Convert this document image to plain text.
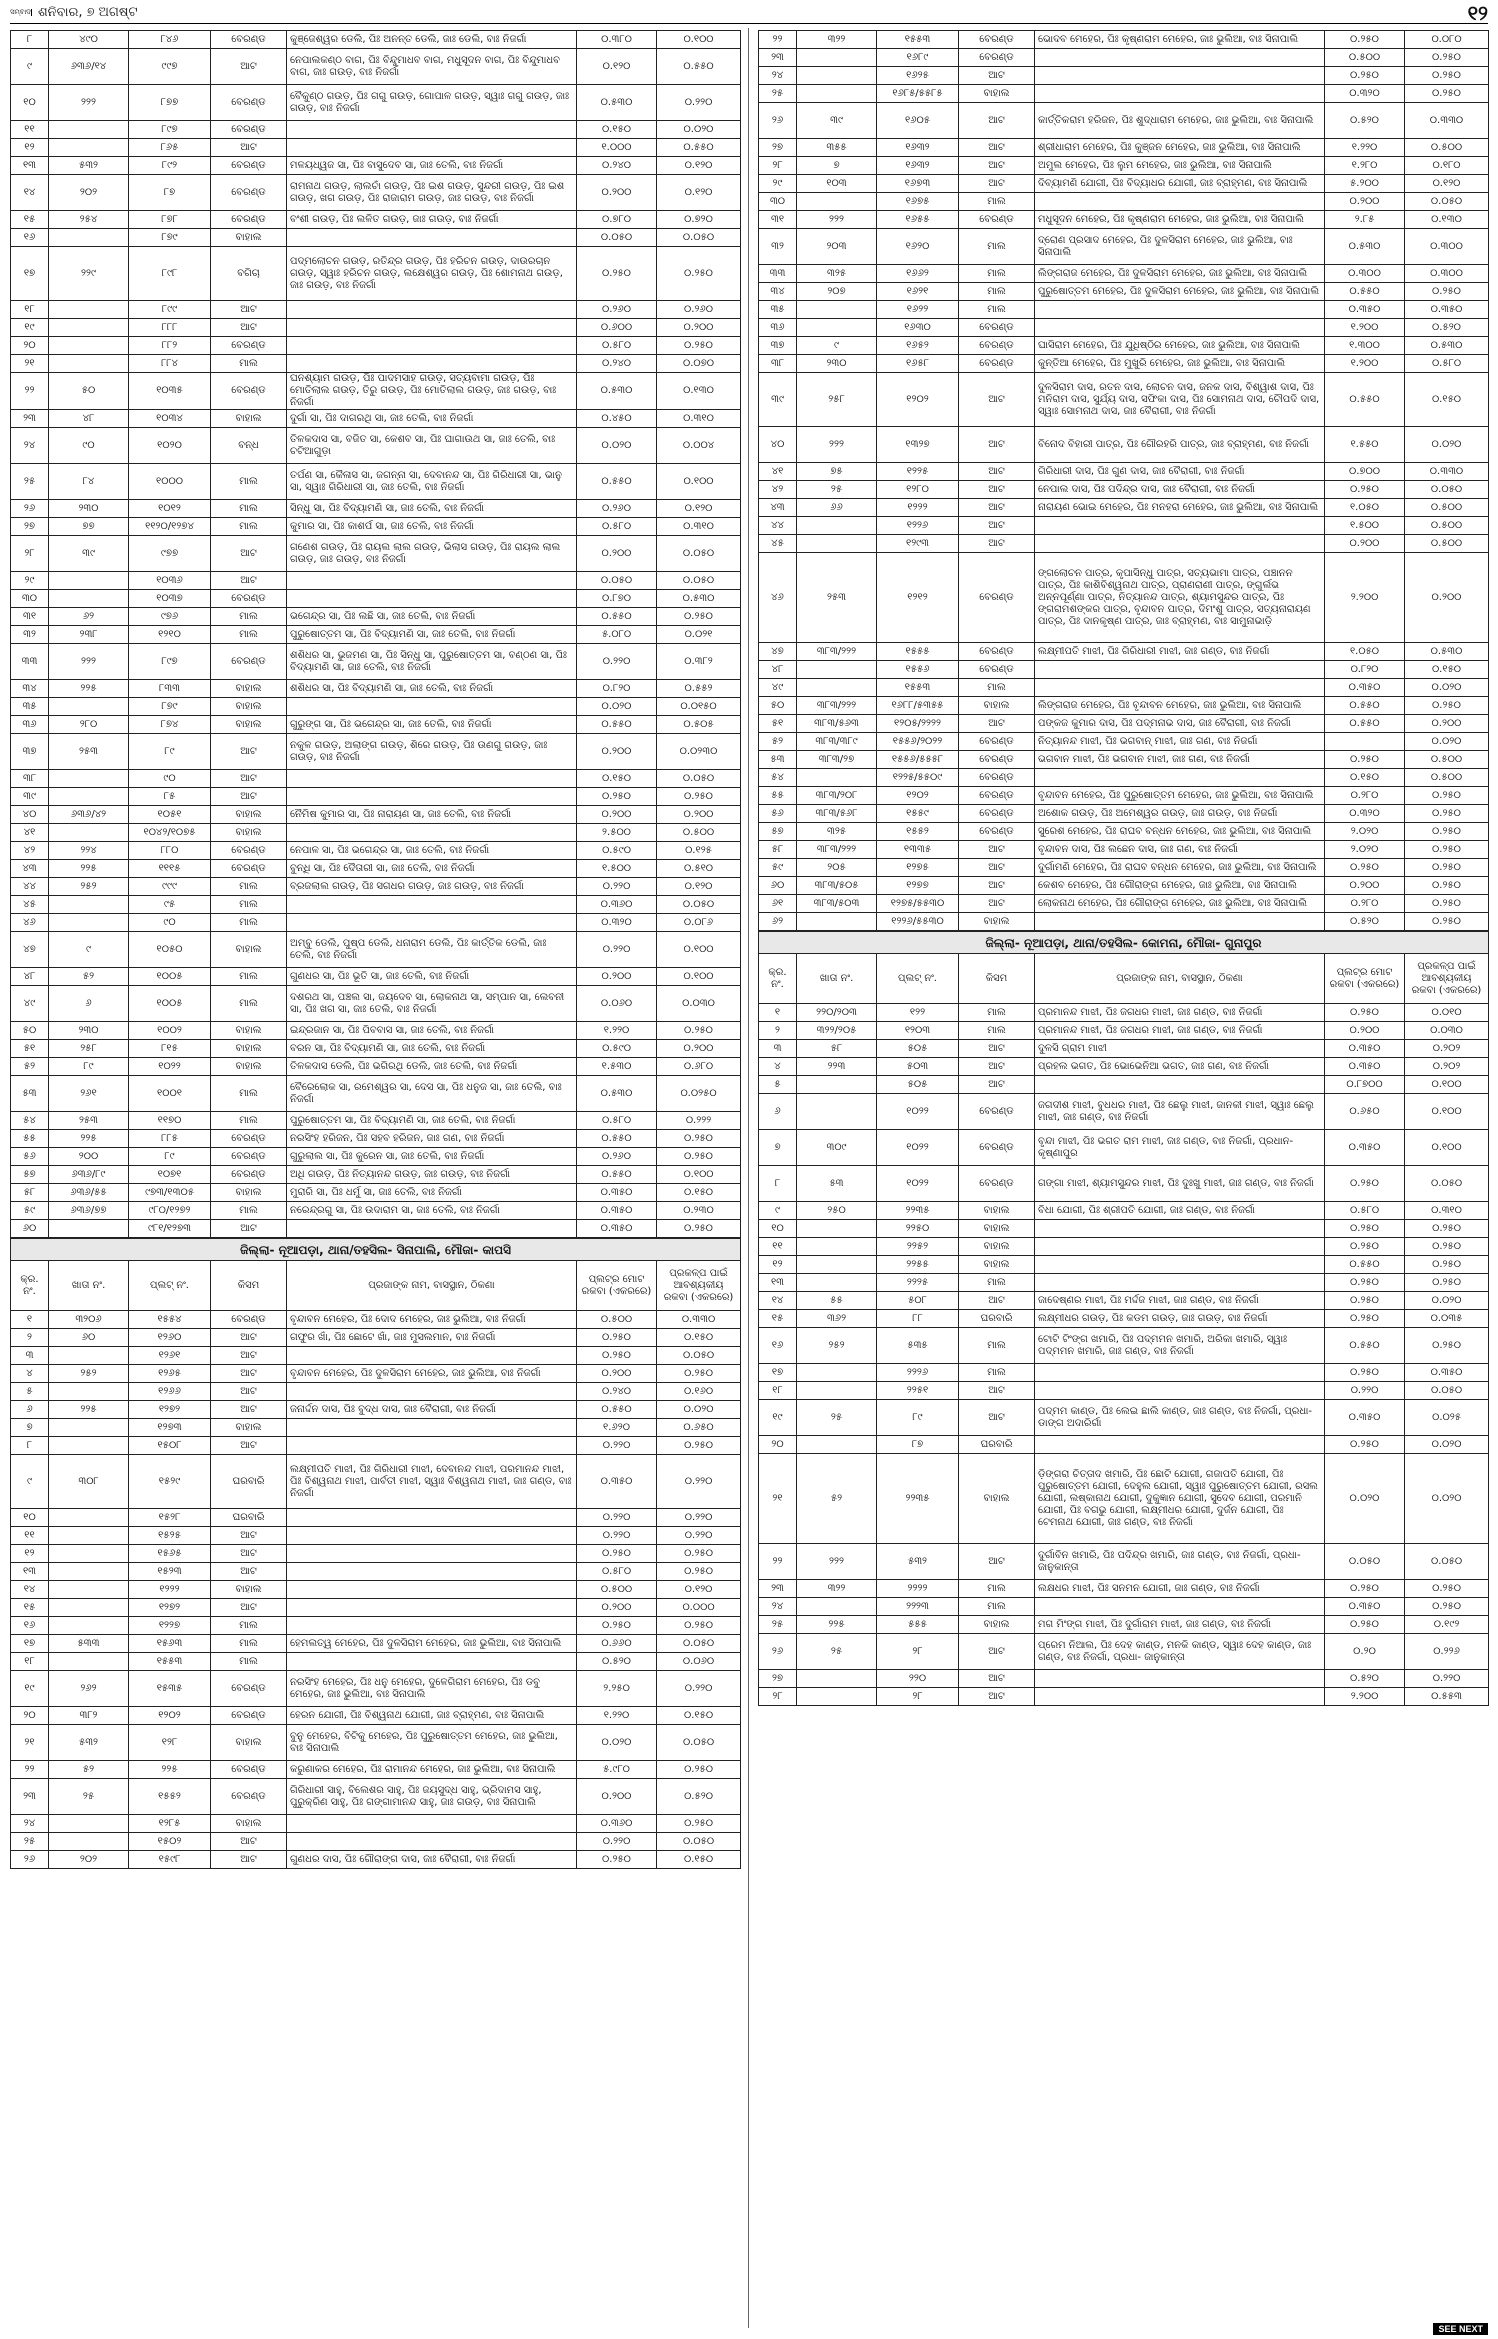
ସମ୍ବାଦ ଶନିବାର, ୭ ଅଗଷ୍ଟ	୧୨
୮	୪୯୦	୮୪୬	ବେରଣ୍ଡ	କୁଞ୍ଜେଶ୍ୱର ଡେଲି, ପିଃ ଅନନ୍ତ ଡେଲି, ଜାଃ ଡେଲି, ବାଃ ନିଜର୍ଗା	୦.୩୮୦	୦.୧୦୦
୯	୬୩୬/୧୪	୯୯୭	ଆଟ	ନେପାଲକଣ୍ଠ ବାଗ, ପିଃ ବିନ୍ଦୁମାଧବ ବାଗ, ମଧୁସୂଦନ ବାଗ, ପିଃ ବିନ୍ଦୁମାଧବ ବାଗ, ଜାଃ ଗଉଡ଼, ବାଃ ନିଜର୍ଗା	୦.୧୨୦	୦.୫୫୦
୧୦	୨୨୨	୮୭୭	ବେରଣ୍ଡ	ବୈକୁଣ୍ଠ ଗଉଡ଼, ପିଃ ଗଗୁ ଗଉଡ଼, ଗୋପାଳ ଗଉଡ଼, ସ୍ୱାଃ ଗଗୁ ଗଉଡ଼, ଜାଃ ଗଉଡ଼, ବାଃ ନିଜର୍ଗା	୦.୫୩୦	୦.୨୨୦
୧୧		୮୯୭	ବେରଣ୍ଡ		୦.୧୫୦	୦.୦୨୦
୧୨		୮୬୫	ଆଟ		୧.୦୦୦	୦.୫୫୦
୧୩	୫୩୨	୮୯୨	ବେରଣ୍ଡ	ମଳୟଧ୍ୱଜ ସା, ପିଃ ବାସୁଦେବ ସା, ଜାଃ ତେଲି, ବାଃ ନିଜର୍ଗା	୦.୨୪୦	୦.୧୨୦
୧୪	୨୦୨	୮୭	ବେରଣ୍ଡ	ରାମନାଥ ଗଉଡ଼, ଲାଲଚାଁ ଗଉଡ଼, ପିଃ ଇଶ ଗଉଡ଼, ସୁନ୍ଦରୀ ଗଉଡ଼, ପିଃ ଇଶ ଗଉଡ଼, ଖଗ ଗଉଡ଼, ପିଃ ରାଜାରାମ ଗଉଡ଼, ଜାଃ ଗଉଡ଼, ବାଃ ନିଜର୍ଗା	୦.୨୦୦	୦.୧୨୦
୧୫	୨୫୪	୮୭୮	ବେରଣ୍ଡ	ବଂଶୀ ଗଉଡ଼, ପିଃ ଲଳିତ ଗଉଡ଼, ଜାଃ ଗଉଡ଼, ବାଃ ନିଜର୍ଗା	୦.୭୮୦	୦.୭୨୦
୧୬		୮୭୯	ବାହାଲ		୦.୦୫୦	୦.୦୫୦
୧୭	୨୨୯	୮୯୮	ବଗିଚା	ପଦ୍ମଲୋଚନ ଗଉଡ଼, ରତିନ୍ଦ୍ର ଗଉଡ଼, ପିଃ ହରିଚନ ଗଉଡ଼, ଦାଉରଚାନ ଗଉଡ଼, ସ୍ୱାଃ ହରିଚନ ଗଉଡ଼, ଲକ୍ଷେଶ୍ୱର ଗଉଡ଼, ପିଃ ଶୋମନାଥ ଗଉଡ଼, ଜାଃ ଗଉଡ଼, ବାଃ ନିଜର୍ଗା	୦.୨୫୦	୦.୨୫୦
୧୮		୮୯୯	ଆଟ		୦.୨୬୦	୦.୨୬୦
୧୯		୮୮୮	ଆଟ		୦.୬୦୦	୦.୨୦୦
୨୦		୮୮୨	ବେରଣ୍ଡ		୦.୫୮୦	୦.୨୫୦
୨୧		୮୮୪	ମାଲ		୦.୨୪୦	୦.୦୭୦
୨୨	୫୦	୧୦୩୫	ବେରଣ୍ଡ	ଘନଶ୍ୟାମ ଗଉଡ଼, ପିଃ ପାଦମସାହ ଗଉଡ଼, ସତ୍ୟବାମା ଗଉଡ଼, ପିଃ ମୋତିଲାଲ ଗଉଡ଼, ତିରୁ ଗଉଡ଼, ପିଃ ମୋତିଲାଲ ଗଉଡ଼, ଜାଃ ଗଉଡ଼, ବାଃ ନିଜର୍ଗା	୦.୫୩୦	୦.୧୩୦
୨୩	୪୮	୧୦୩୪	ବାହାଲ	ଦୁର୍ଗା ସା, ପିଃ ଦାଗରଥି ସା, ଜାଃ ତେଲି, ବାଃ ନିଜର୍ଗା	୦.୪୫୦	୦.୩୧୦
୨୪	୯୦	୧୦୨୦	ବନ୍ଧ	ତିଳକଦାସ ସା, ବଜିତ ସା, କେଶବ ସା, ପିଃ ଘାଗାଉଥ ସା, ଜାଃ ତେଲି, ବାଃ ଚଟିଆଗୁଡ଼ା	୦.୦୨୦	୦.୦୦୪
୨୫	୮୪	୧୦୦୦	ମାଲ	ତର୍ପଣ ସା, କୈଳାସ ସା, ଜଗନ୍ନା ସା, ଦେବାନନ୍ଦ ସା, ପିଃ ଗିରିଧାରୀ ସା, ଭାନୁ ସା, ସ୍ୱାଃ ଗିରିଧାରୀ ସା, ଜାଃ ତେଲି, ବାଃ ନିଜର୍ଗା	୦.୫୫୦	୦.୧୦୦
୨୬	୨୩୦	୧୦୧୨	ମାଲ	ସିନ୍ଧୁ ସା, ପିଃ ବିଦ୍ୟାମଣି ସା, ଜାଃ ତେଲି, ବାଃ ନିଜର୍ଗା	୦.୨୬୦	୦.୧୨୦
୨୭	୭୭	୧୧୨୦/୧୨୭୪	ମାଲ	କୁମାର ସା, ପିଃ କାଶର୍ପ ସା, ଜାଃ ତେଲି, ବାଃ ନିଜର୍ଗା	୦.୫୮୦	୦.୩୧୦
୨୮	୩୯	୯୭୭	ଆଟ	ଗଣେଶ ଗଉଡ଼, ପିଃ ରାୟଲ ଲାଲ ଗଉଡ଼, ଭିଲାସ ଗଉଡ଼, ପିଃ ରାୟଲ ଲାଲ ଗଉଡ଼, ଜାଃ ଗଉଡ଼, ବାଃ ନିଜର୍ଗା	୦.୨୦୦	୦.୦୫୦
୨୯		୧୦୩୬	ଆଟ		୦.୦୫୦	୦.୦୫୦
୩୦		୧୦୩୭	ବେରଣ୍ଡ		୦.୮୭୦	୦.୫୩୦
୩୧	୬୨	୯୭୬	ମାଲ	ଭଗେନ୍ଦ୍ର ସା, ପିଃ ଲଛି ସା, ଜାଃ ତେଲି, ବାଃ ନିଜର୍ଗା	୦.୫୫୦	୦.୨୫୦
୩୨	୨୩୮	୧୨୧୦	ମାଲ	ପୁରୁଷୋତ୍ତମ ସା, ପିଃ ବିଦ୍ୟାମଣି ସା, ଜାଃ ତେଲି, ବାଃ ନିଜର୍ଗା	୫.୦୮୦	୦.୦୨୧
୩୩	୨୨୨	୮୯୭	ବେରଣ୍ଡ	ଶଶିଧର ସା, ଭୁଜମଣ ସା, ପିଃ ସିନ୍ଧୁ ସା, ପୁରୁଷୋତ୍ତମ ସା, ବଣ୍ଠଣ ସା, ପିଃ ବିଦ୍ୟାମଣି ସା, ଜାଃ ତେଲି, ବାଃ ନିଜର୍ଗା	୦.୨୨୦	୦.୩୮୨
୩୪	୨୨୫	୮୩୩	ବାହାଲ	ଶଶିଧର ସା, ପିଃ ବିଦ୍ୟାମଣି ସା, ଜାଃ ତେଲି, ବାଃ ନିଜର୍ଗା	୦.୮୨୦	୦.୫୫୨
୩୫		୮୭୯	ବାହାଲ		୦.୦୨୦	୦.୦୧୫୦
୩୬	୨୮୦	୮୭୪	ବାହାଲ	ଗୁରୁଙ୍ଗ ସା, ପିଃ ଭଗେନ୍ଦ୍ର ସା, ଜାଃ ତେଲି, ବାଃ ନିଜର୍ଗା	୦.୫୫୦	୦.୫୦୫
୩୭	୨୫୩	୮୯	ଆଟ	ନକୁଳ ଗଉଡ଼, ଅଲାଙ୍ଗ ଗଉଡ଼, ଶିରେ ଗଉଡ଼, ପିଃ ଉଣଗୁ ଗଉଡ଼, ଜାଃ ଗଉଡ଼, ବାଃ ନିଜର୍ଗା	୦.୨୦୦	୦.୦୨୩୦
୩୮		୯୦	ଆଟ		୦.୧୫୦	୦.୦୫୦
୩୯		୮୫	ଆଟ		୦.୨୫୦	୦.୨୫୦
୪୦	୬୩୬/୪୨	୧୦୫୧	ବାହାଲ	ନୈମିଷ କୁମାର ସା, ପିଃ ନାରାୟଣ ସା, ଜାଃ ତେଲି, ବାଃ ନିଜର୍ଗା	୦.୨୦୦	୦.୨୦୦
୪୧		୧୦୪୨/୧୦୭୫	ବାହାଲ		୨.୫୦୦	୦.୫୦୦
୪୨	୨୨୪	୮୮୦	ବେରଣ୍ଡ	ନେପାଳ ସା, ପିଃ ଭଗେନ୍ଦ୍ର ସା, ଜାଃ ତେଲି, ବାଃ ନିଜର୍ଗା	୦.୫୯୦	୦.୧୨୫
୪୩	୨୨୫	୧୧୧୫	ବେରଣ୍ଡ	ବୁନ୍ଧି ସା, ପିଃ ଦୈତାରୀ ସା, ଜାଃ ତେଲି, ବାଃ ନିଜର୍ଗା	୧.୫୦୦	୦.୫୧୦
୪୪	୨୫୨	୯୯୯	ମାଲ	ବ୍ରଜଲାଲ ଗଉଡ଼, ପିଃ ସଗଧର ଗଉଡ଼, ଜାଃ ଗଉଡ଼, ବାଃ ନିଜର୍ଗା	୦.୨୨୦	୦.୧୨୦
୪୫		୯୫	ମାଲ		୦.୩୬୦	୦.୦୫୦
୪୬		୯୦	ମାଲ		୦.୩୨୦	୦.୦୮୬
୪୭	୯	୧୦୫୦	ବାହାଲ	ଅମ୍ବୁ ଡେଲି, ପୁଷ୍ପ ଡେଲି, ଧନାରାମ ଡେଲି, ପିଃ କାର୍ତ୍ତିକ ଡେଲି, ଜାଃ ତେଲି, ବାଃ ନିଜର୍ଗା	୦.୨୨୦	୦.୧୦୦
୪୮	୫୨	୧୦୦୫	ମାଲ	ଗୁଣଧର ସା, ପିଃ ଭୂତି ସା, ଜାଃ ତେଲି, ବାଃ ନିଜର୍ଗା	୦.୨୦୦	୦.୧୦୦
୪୯	୬	୧୦୦୫	ମାଲ	ଦଶରଥ ସା, ପଞ୍ଚଲ ସା, ଜୟଦେବ ସା, ଲୋକନାଥ ସା, ସମ୍ପାନ ସା, ଲେବନୀ ସା, ପିଃ ଖଗ ସା, ଜାଃ ତେଲି, ବାଃ ନିଜର୍ଗା	୦.୦୬୦	୦.୦୩୦
୫୦	୨୩୦	୧୦୦୨	ବାହାଲ	ଇନ୍ଦ୍ରଜାନ ସା, ପିଃ ପିବବାସ ସା, ଜାଃ ତେଲି, ବାଃ ନିଜର୍ଗା	୧.୨୨୦	୦.୨୫୦
୫୧	୨୫୮	୮୧୫	ବାହାଲ	ବରନ ସା, ପିଃ ବିଦ୍ୟାମଣି ସା, ଜାଃ ତେଲି, ବାଃ ନିଜର୍ଗା	୦.୫୯୦	୦.୨୦୦
୫୨	୮୯	୧୦୨୨	ବାହାଲ	ତିଳକଦାସ ଡେଲି, ପିଃ ଭଗିରଥି ଡେଲି, ଜାଃ ତେଲି, ବାଃ ନିଜର୍ଗା	୧.୫୩୦	୦.୬୮୦
୫୩	୨୬୧	୧୦୦୧	ମାଲ	ବୈରେଲୋକ ସା, ରମେଶ୍ୱର ସା, ଦେସ ସା, ପିଃ ଧନୁଜ ସା, ଜାଃ ତେଲି, ବାଃ ନିଜର୍ଗା	୦.୫୩୦	୦.୦୨୫୦
୫୪	୨୫୩	୧୧୭୦	ମାଲ	ପୁରୁଷୋତ୍ତମ ସା, ପିଃ ବିଦ୍ୟାମଣି ସା, ଜାଃ ତେଲି, ବାଃ ନିଜର୍ଗା	୦.୫୮୦	୦.୨୨୨
୫୫	୨୨୫	୮୮୫	ବେରଣ୍ଡ	ନରସିଂହ ହରିଜନ, ପିଃ ସହବ ହରିଜନ, ଜାଃ ଗଣ, ବାଃ ନିଜର୍ଗା	୦.୫୫୦	୦.୨୫୦
୫୬	୨୦୦	୮୯	ବେରଣ୍ଡ	ଗୁରୁଲାଲ ସା, ପିଃ କୁରେନ ସା, ଜାଃ ତେଲି, ବାଃ ନିଜର୍ଗା	୦.୨୬୦	୦.୨୫୦
୫୭	୬୩୬/୮୯	୧୦୭୧	ବେରଣ୍ଡ	ଅଧି ଗଉଡ଼, ପିଃ ନିତ୍ୟାନନ୍ଦ ଗଉଡ଼, ଜାଃ ଗଉଡ଼, ବାଃ ନିଜର୍ଗା	୦.୫୫୦	୦.୧୦୦
୫୮	୬୩୬/୫୫	୯୭୩/୧୩୦୫	ବାହାଲ	ମୁରାରି ସା, ପିଃ ଧର୍ମୁ ସା, ଜାଃ ତେଲି, ବାଃ ନିଜର୍ଗା	୦.୩୫୦	୦.୧୫୦
୫୯	୬୩୬/୭୭	୯୮୦/୧୨୭୨	ମାଲ	ନରେନ୍ଦ୍ରଗୁ ସା, ପିଃ ଉଦାରାମ ସା, ଜାଃ ତେଲି, ବାଃ ନିଜର୍ଗା	୦.୩୫୦	୦.୨୩୦
୬୦		୯୮୧/୧୨୭୩	ଆଟ		୦.୩୫୦	୦.୨୫୦
ଜିଲ୍ଲା- ନୂଆପଡ଼ା, ଥାନା/ତହସିଲ- ସିନାପାଲି, ମୌଜା- କାପସି						
କ୍ର. ନଂ.	ଖାତା ନଂ.	ପ୍ଲଟ୍ ନଂ.	କିସମ	ପ୍ରଜାଙ୍କ ନାମ, ବାସସ୍ଥାନ, ଠିକଣା	ପ୍ଲଟ୍‌ର ମୋଟ ରକବା (ଏକରରେ)	ପ୍ରକଳ୍ପ ପାଇଁ ଆବଶ୍ୟକୀୟ ରକବା (ଏକରରେ)
୧	୩୨୦୬	୧୫୫୪	ବେରଣ୍ଡ	ବୃନ୍ଦାବନ ମେହେର, ପିଃ ଦୋଦ ମେହେର, ଜାଃ ଭୁଲିଆ, ବାଃ ନିଜର୍ଗା	୦.୫୦୦	୦.୩୩୦
୨	୬୦	୧୨୬୦	ଆଟ	ଗଫୁର ଖାଁ, ପିଃ ଛୋଟେ ଖାଁ, ଜାଃ ମୁସଲମାନ, ବାଃ ନିଜର୍ଗା	୦.୨୫୦	୦.୧୫୦
୩		୧୨୬୧	ଆଟ		୦.୨୫୦	୦.୦୫୦
୪	୨୫୨	୧୨୬୫	ଆଟ	ବୃନ୍ଦାବନ ମେହେର, ପିଃ ଦୁଳସିରାମ ମେହେର, ଜାଃ ଭୁଲିଆ, ବାଃ ନିଜର୍ଗା	୦.୨୦୦	୦.୨୫୦
୫		୧୨୬୬	ଆଟ		୦.୨୪୦	୦.୧୬୦
୬	୨୨୫	୧୨୭୨	ଆଟ	ଜନାର୍ଦ୍ଦନ ଦାସ, ପିଃ ବୁଦ୍ଧ ଦାସ, ଜାଃ ବୈରାଗୀ, ବାଃ ନିଜର୍ଗା	୦.୫୫୦	୦.୦୨୦
୭		୧୨୭୩	ବାହାଲ		୧.୬୨୦	୦.୬୫୦
୮		୧୫୦୮	ଆଟ		୦.୨୨୦	୦.୨୫୦
୯	୩୦୮	୧୫୨୯	ଘରବାରି	ଲକ୍ଷ୍ମୀପତି ମାଝୀ, ପିଃ ଗିରିଧାରୀ ମାଝୀ, ଦେବାନନ୍ଦ ମାଝୀ, ପରମାନନ୍ଦ ମାଝୀ, ପିଃ ବିଶ୍ୱନାଥ ମାଝୀ, ପାର୍ବତୀ ମାଝୀ, ସ୍ୱାଃ ବିଶ୍ୱନାଥ ମାଝୀ, ଜାଃ ଗଣ୍ଡ, ବାଃ ନିଜର୍ଗା	୦.୩୫୦	୦.୨୨୦
୧୦		୧୫୨୮	ଘରବାରି		୦.୨୨୦	୦.୨୨୦
୧୧		୧୫୨୫	ଆଟ		୦.୨୨୦	୦.୨୨୦
୧୨		୧୫୬୫	ଆଟ		୦.୨୫୦	୦.୨୫୦
୧୩		୧୫୨୩	ଆଟ		୦.୫୮୦	୦.୨୫୦
୧୪		୧୨୨୨	ବାହାଲ		୦.୫୦୦	୦.୧୨୦
୧୫		୧୨୭୨	ଆଟ		୦.୨୦୦	୦.୦୦୦
୧୬		୧୨୨୭	ମାଲ		୦.୨୫୦	୦.୨୫୦
୧୭	୫୩୩	୧୫୬୩	ମାଲ	ହେମଲତ୍ୱ ମେହେର, ପିଃ ଦୁଳସିରାମ ମେହେର, ଜାଃ ଭୁଲିଆ, ବାଃ ସିନାପାଲି	୦.୬୬୦	୦.୦୫୦
୧୮		୧୫୫୩	ମାଲ		୦.୫୨୦	୦.୦୬୦
୧୯	୨୬୨	୧୫୩୫	ବେରଣ୍ଡ	ନରସିଂହ ମେହେର, ପିଃ ଧନୁ ମେହେର, ଦୁଳେଗିରାମ ମେହେର, ପିଃ ଡବୁ ମେହେର, ଜାଃ ଭୁଲିଆ, ବାଃ ସିନାପାଲି	୨.୨୫୦	୦.୨୨୦
୨୦	୩୮୨	୧୨୦୨	ବେରଣ୍ଡ	ହେରନ ଯୋଗୀ, ପିଃ ବିଶ୍ୱନାଥ ଯୋଗୀ, ଜାଃ ବ୍ରାହ୍ମଣ, ବାଃ ସିନାପାଲି	୧.୨୨୦	୦.୧୫୦
୨୧	୫୩୨	୧୨୮	ବାହାଲ	ବୁନୁ ମେହେର, ବିଟିକୁ ମେହେର, ପିଃ ପୁରୁଷୋତ୍ତମ ମେହେର, ଜାଃ ଭୁଲିଆ, ବାଃ ସିନାପାଲି	୦.୦୨୦	୦.୦୫୦
୨୨	୫୨	୨୨୫	ବେରଣ୍ଡ	କରୁଣାକର ମେହେର, ପିଃ ରାମାନନ୍ଦ ମେହେର, ଜାଃ ଭୁଲିଆ, ବାଃ ସିନାପାଲି	୫.୯୮୦	୦.୨୫୦
୨୩	୨୫	୧୫୫୨	ବେରଣ୍ଡ	ଗିରିଧାରୀ ସାହୁ, ବିଲେଶର ସାହୁ, ପିଃ ଜୟସୁଦ୍ଧ ସାହୁ, ଭ୍ରିଦାମସ ସାହୁ, ପୁରୁକ୍ରିଣ ସାହୁ, ପିଃ ଗଙ୍ଗାମାନନ୍ଦ ସାହୁ, ଜାଃ ଗଉଡ଼, ବାଃ ସିନାପାଲି	୦.୨୦୦	୦.୫୨୦
୨୪		୧୨୮୫	ବାହାଲ		୦.୩୬୦	୦.୨୫୦
୨୫		୧୫୦୨	ଆଟ		୦.୨୨୦	୦.୦୫୦
୨୬	୨୦୨	୧୫୯୮	ଆଟ	ଗୁଣଧର ଦାସ, ପିଃ ଗୌରାଙ୍ଗ ଦାସ, ଜାଃ ବୈରାଗୀ, ବାଃ ନିଜର୍ଗା	୦.୨୫୦	୦.୧୫୦
୨୨	୩୨୨	୧୫୫୩	ବେରଣ୍ଡ	ଭୋଦବ ମେହେର, ପିଃ କୃଷ୍ଣରାମ ମେହେର, ଜାଃ ଭୁଲିଆ, ବାଃ ସିନାପାଲି	୦.୨୫୦	୦.୦୮୦
୨୩		୧୬୮୯	ବେରଣ୍ଡ		୦.୫୦୦	୦.୨୫୦
୨୪		୧୬୨୫	ଆଟ		୦.୨୫୦	୦.୨୫୦
୨୫		୧୬୮୫/୫୫୮୫	ବାହାଲ		୦.୩୨୦	୦.୨୫୦
୨୬	୩୯	୧୬୦୫	ଆଟ	କାର୍ତ୍ତିକରାମ ହରିଜନ, ପିଃ ଶୁଦ୍ଧାରାମ ମେହେର, ଜାଃ ଭୁଲିଆ, ବାଃ ସିନାପାଲି	୦.୫୨୦	୦.୩୩୦
୨୭	୩୫୫	୧୬୩୨	ଆଟ	ଶ୍ରୀଧାରାମ ମେହେର, ପିଃ କୁଞ୍ଜନ ମେହେର, ଜାଃ ଭୁଲିଆ, ବାଃ ସିନାପାଲି	୧.୨୨୦	୦.୫୦୦
୨୮	୭	୧୬୩୨	ଆଟ	ଅମୁଲ ମେହେର, ପିଃ ଲୁମ ମେହେର, ଜାଃ ଭୁଲିଆ, ବାଃ ସିନାପାଲି	୧.୨୮୦	୦.୧୮୦
୨୯	୧୦୩	୧୬୭୩	ଆଟ	ଦିବ୍ୟାମଣି ଯୋଗୀ, ପିଃ ବିଦ୍ୟାଧର ଯୋଗୀ, ଜାଃ ବ୍ରାହ୍ମଣ, ବାଃ ସିନାପାଲି	୫.୨୦୦	୦.୧୨୦
୩୦		୧୬୭୫	ମାଲ		୦.୨୦୦	୦.୦୫୦
୩୧	୨୨୨	୧୬୫୫	ବେରଣ୍ଡ	ମଧୁସୂଦନ ମେହେର, ପିଃ କୃଷ୍ଣରାମ ମେହେର, ଜାଃ ଭୁଲିଆ, ବାଃ ସିନାପାଲି	୨.୮୫	୦.୧୩୦
୩୨	୨୦୩	୧୬୨୦	ମାଲ	ଦ୍ରୋଣ ପ୍ରସାଦ ମେହେର, ପିଃ ଦୁଳସିରାମ ମେହେର, ଜାଃ ଭୁଲିଆ, ବାଃ ସିନାପାଲି	୦.୫୩୦	୦.୩୦୦
୩୩	୩୨୫	୧୬୬୨	ମାଲ	ଲିଙ୍ଗରାଜ ମେହେର, ପିଃ ଦୁଳସିରାମ ମେହେର, ଜାଃ ଭୁଲିଆ, ବାଃ ସିନାପାଲି	୦.୩୦୦	୦.୩୦୦
୩୪	୨୦୭	୧୬୨୧	ମାଲ	ପୁରୁଷୋତ୍ତମ ମେହେର, ପିଃ ଦୁଳସିରାମ ମେହେର, ଜାଃ ଭୁଲିଆ, ବାଃ ସିନାପାଲି	୦.୫୫୦	୦.୨୫୦
୩୫		୧୬୨୨	ମାଲ		୦.୩୫୦	୦.୩୫୦
୩୬		୧୬୩୦	ବେରଣ୍ଡ		୧.୨୦୦	୦.୫୨୦
୩୭	୯	୧୬୫୨	ବେରଣ୍ଡ	ଘାସିରାମ ମେହେର, ପିଃ ଯୁଧିଷ୍ଠିର ମେହେର, ଜାଃ ଭୁଲିଆ, ବାଃ ସିନାପାଲି	୧.୩୦୦	୦.୫୩୦
୩୮	୨୩୦	୧୬୫୮	ବେରଣ୍ଡ	କୁନ୍ତିଆ ମେହେର, ପିଃ ମୁଖୁରି ମେହେର, ଜାଃ ଭୁଲିଆ, ବାଃ ସିନାପାଲି	୧.୨୦୦	୦.୫୮୦
୩୯	୨୫୮	୧୨୦୨	ଆଟ	ଦୁଳସିରାମ ଦାସ, ରତନ ଦାସ, ଲୋଚନ ଦାସ, ଜନକ ଦାସ, ବିଶ୍ୱାଶ ଦାସ, ପିଃ ମନିରାମ ଦାସ, ସୁର୍ଯ୍ୟ ଦାସ, ସଫିକା ଦାସ, ପିଃ ସୋମନାଥ ଦାସ, ଚୌପଦି ଦାସ, ସ୍ୱାଃ ସୋମନାଥ ଦାସ, ଜାଃ ବୈରାଗୀ, ବାଃ ନିଜର୍ଗା	୦.୫୫୦	୦.୧୫୦
୪୦	୨୨୨	୧୩୨୭	ଆଟ	ବିନୋଦ ବିହାରୀ ପାତ୍ର, ପିଃ ଗୌରହରି ପାତ୍ର, ଜାଃ ବ୍ରାହ୍ମଣ, ବାଃ ନିଜର୍ଗା	୧.୫୫୦	୦.୦୨୦
୪୧	୭୫	୧୨୨୫	ଆଟ	ଗିରିଧାରୀ ଦାସ, ପିଃ ଗୁଣ ଦାସ, ଜାଃ ବୈରାଗୀ, ବାଃ ନିଜର୍ଗା	୦.୭୦୦	୦.୩୩୦
୪୨	୨୫	୧୨୮୦	ଆଟ	ନେପାଲ ଦାସ, ପିଃ ପଦିନ୍ଦ୍ର ଦାସ, ଜାଃ ବୈରାଗୀ, ବାଃ ନିଜର୍ଗା	୦.୨୫୦	୦.୦୫୦
୪୩	୬୬	୧୨୨୨	ଆଟ	ନାରାୟଣ ଭୋଇ ମେହେର, ପିଃ ମନହରା ମେହେର, ଜାଃ ଭୁଲିଆ, ବାଃ ସିନାପାଲି	୧.୦୫୦	୦.୫୦୦
୪୪		୧୨୨୬	ଆଟ		୧.୫୦୦	୦.୫୦୦
୪୫		୧୨୯୩	ଆଟ		୦.୨୦୦	୦.୫୦୦
୪୬	୨୫୩	୧୨୧୨	ବେରଣ୍ଡ	ଙ୍ଗଲୋଚନ ପାତ୍ର, କୃପାସିନ୍ଧୁ ପାତ୍ର, ସତ୍ୟଭାମା ପାତ୍ର, ପଞ୍ଚାନନ ପାତ୍ର, ପିଃ କାଶିବିଶ୍ୱନାଥ ପାତ୍ର, ପ୍ରାଣରାଣୀ ପାତ୍ର, ଙ୍ଗୁର୍ଲଭ ଅନ୍ନପୂର୍ଣ୍ଣା ପାତ୍ର, ନିତ୍ୟାନନ୍ଦ ପାତ୍ର, ଶ୍ୟାମସୁନ୍ଦର ପାତ୍ର, ପିଃ ଙ୍ଗରାମଶଙ୍କର ପାତ୍ର, ବୃନ୍ଦାବନ ପାତ୍ର, ଦିମଂଶୁ ପାତ୍ର, ସତ୍ୟନାରାୟଣ ପାତ୍ର, ପିଃ ଦାନକୃଷ୍ଣ ପାତ୍ର, ଜାଃ ବ୍ରାହ୍ମଣ, ବାଃ ସାମୁନାଭାଡ଼ି	୨.୨୦୦	୦.୨୦୦
୪୭	୩୮୩/୨୨୨	୧୫୫୫	ବେରଣ୍ଡ	ଲକ୍ଷ୍ମୀପତି ମାଝୀ, ପିଃ ଗିରିଧାରୀ ମାଝୀ, ଜାଃ ଗଣ୍ଡ, ବାଃ ନିଜର୍ଗା	୧.୦୫୦	୦.୫୩୦
୪୮		୧୫୫୬	ବେରଣ୍ଡ		୦.୮୨୦	୦.୧୫୦
୪୯		୧୫୫୩	ମାଲ		୦.୩୫୦	୦.୦୨୦
୫୦	୩୮୩/୨୨୨	୧୬୮୮/୫୩୫୫	ବାହାଲ	ଲିଙ୍ଗରାଜ ମେହେର, ପିଃ ବୃନ୍ଦାବନ ମେହେର, ଜାଃ ଭୁଲିଆ, ବାଃ ସିନାପାଲି	୦.୫୫୦	୦.୨୫୦
୫୧	୩୮୩/୫୬୩	୧୨୦୫/୨୨୨୨	ଆଟ	ପଙ୍କଜ କୁମାର ଦାସ, ପିଃ ପଦ୍ମନାଭ ଦାସ, ଜାଃ ବୈରାଗୀ, ବାଃ ନିଜର୍ଗା	୦.୫୫୦	୦.୨୦୦
୫୨	୩୮୩/୩୮୯	୧୫୫୬/୨୦୨୨	ବେରଣ୍ଡ	ନିତ୍ୟାନନ୍ଦ ମାଝୀ, ପିଃ ଭଗବାନ୍ ମାଝୀ, ଜାଃ ଗଣ, ବାଃ ନିଜର୍ଗା		୦.୦୨୦
୫୩	୩୮୩/୨୭	୧୫୫୬/୫୫୫୮	ବେରଣ୍ଡ	ଭଗବାନ ମାଝୀ, ପିଃ ଭଗବାନ ମାଝୀ, ଜାଃ ଗଣ, ବାଃ ନିଜର୍ଗା	୦.୨୫୦	୦.୫୦୦
୫୪		୧୨୨୫/୫୫୦୯	ବେରଣ୍ଡ		୦.୧୫୦	୦.୫୦୦
୫୫	୩୮୩/୨୦୮	୧୨୦୨	ବେରଣ୍ଡ	ବୃନ୍ଦାବନ ମେହେର, ପିଃ ପୁରୁଷୋତ୍ତମ ମେହେର, ଜାଃ ଭୁଲିଆ, ବାଃ ସିନାପାଲି	୦.୨୮୦	୦.୨୫୦
୫୬	୩୮୩/୫୬୮	୧୫୫୯	ବେରଣ୍ଡ	ଅଶୋକ ଗଉଡ଼, ପିଃ ଅମେଶ୍ୱର ଗଉଡ଼, ଜାଃ ଗଉଡ଼, ବାଃ ନିଜର୍ଗା	୦.୩୨୦	୦.୨୫୦
୫୭	୩୨୫	୧୫୫୨	ବେରଣ୍ଡ	ସୁରେଶ ମେହେର, ପିଃ ରାଘବ ବନ୍ଧନ ମେହେର, ଜାଃ ଭୁଲିଆ, ବାଃ ସିନାପାଲି	୨.୦୨୦	୦.୨୫୦
୫୮	୩୮୩/୨୨୨	୧୩୩୫	ଆଟ	ବୃନ୍ଦାବନ ଦାସ, ପିଃ ଲଛେନ ଦାସ, ଜାଃ ଗଣ, ବାଃ ନିଜର୍ଗା	୨.୦୨୦	୦.୨୫୦
୫୯	୨୦୫	୧୨୭୫	ଆଟ	ଦୁର୍ଗାମଣି ମେହେର, ପିଃ ରାଘବ ବନ୍ଧନ ମେହେର, ଜାଃ ଭୁଲିଆ, ବାଃ ସିନାପାଲି	୦.୨୫୦	୦.୨୫୦
୬୦	୩୮୩/୫୦୫	୧୨୭୭	ଆଟ	କେଶବ ମେହେର, ପିଃ ଗୌରାଙ୍ଗ ମେହେର, ଜାଃ ଭୁଲିଆ, ବାଃ ସିନାପାଲି	୦.୨୦୦	୦.୨୫୦
୬୧	୩୮୩/୫୦୩	୧୨୭୫/୫୫୩୦	ଆଟ	ଲୋକନାଥ ମେହେର, ପିଃ ଗୌରାଙ୍ଗ ମେହେର, ଜାଃ ଭୁଲିଆ, ବାଃ ସିନାପାଲି	୦.୨୮୦	୦.୨୫୦
୬୨		୧୨୨୬/୫୫୩୦	ବାହାଲ		୦.୫୨୦	୦.୨୫୦
ଜିଲ୍ଲା- ନୂଆପଡ଼ା, ଥାନା/ତହସିଲ- କୋମନା, ମୌଜା- ଗୁନାପୁର						
କ୍ର. ନଂ.	ଖାତା ନଂ.	ପ୍ଲଟ୍ ନଂ.	କିସମ	ପ୍ରଜାଙ୍କ ନାମ, ବାସସ୍ଥାନ, ଠିକଣା	ପ୍ଲଟ୍‌ର ମୋଟ ରକବା (ଏକରରେ)	ପ୍ରକଳ୍ପ ପାଇଁ ଆବଶ୍ୟକୀୟ ରକବା (ଏକରରେ)
୧	୨୨୦/୨୦୩	୧୨୨	ମାଲ	ପ୍ରମାନନ୍ଦ ମାଝୀ, ପିଃ ଜଗଧର ମାଝୀ, ଜାଃ ଗଣ୍ଡ, ବାଃ ନିଜର୍ଗା	୦.୨୫୦	୦.୦୧୦
୨	୩୨୨/୨୦୫	୧୨୦୩	ମାଲ	ପ୍ରମାନନ୍ଦ ମାଝୀ, ପିଃ ଜଗଧର ମାଝୀ, ଜାଃ ଗଣ୍ଡ, ବାଃ ନିଜର୍ଗା	୦.୨୦୦	୦.୦୩୦
୩	୫୮	୫୦୫	ଆଟ	ଦୁଳସି ଗ୍ରାମ ମାଝୀ	୦.୩୫୦	୦.୨୦୨
୪	୨୨୩	୫୦୩	ଆଟ	ପ୍ରହଲ ଭଗତ, ପିଃ ଭୋଭେନିଆ ଭଗତ, ଜାଃ ଗଣ, ବାଃ ନିଜର୍ଗା	୦.୩୫୦	୦.୨୦୨
୫		୫୦୫	ଆଟ		୦.୮୭୦୦	୦.୧୦୦
୬		୧୦୨୨	ବେରଣ୍ଡ	ଜଗଦୀଶ ମାଝୀ, ବୁଧଧର ମାଝୀ, ପିଃ ଛେଲୁ ମାଝୀ, ଜାନକୀ ମାଝୀ, ସ୍ୱାଃ ଛେଲୁ ମାଝୀ, ଜାଃ ଗଣ୍ଡ, ବାଃ ନିଜର୍ଗା	୦.୬୫୦	୦.୧୦୦
୭	୩୦୯	୧୦୨୨	ବେରଣ୍ଡ	ବୃନ୍ଦା ମାଝୀ, ପିଃ ଭଗତ ରାମ ମାଝୀ, ଜାଃ ଗଣ୍ଡ, ବାଃ ନିଜର୍ଗା, ପ୍ରଧାନ- କୃଷ୍ଣାପୁର	୦.୩୫୦	୦.୧୦୦
୮	୫୩	୧୦୨୨	ବେରଣ୍ଡ	ଗଙ୍ଗା ମାଝୀ, ଶ୍ୟାମସୁନ୍ଦର ମାଝୀ, ପିଃ ଦୁଃଖୁ ମାଝୀ, ଜାଃ ଗଣ୍ଡ, ବାଃ ନିଜର୍ଗା	୦.୨୫୦	୦.୦୫୦
୯	୨୫୦	୨୨୩୫	ବାହାଲ	ବିଧା ଯୋଗୀ, ପିଃ ଶ୍ରୀପତି ଯୋଗୀ, ଜାଃ ଗଣ୍ଡ, ବାଃ ନିଜର୍ଗା	୦.୫୮୦	୦.୩୧୦
୧୦		୨୨୫୦	ବାହାଲ		୦.୨୫୦	୦.୨୫୦
୧୧		୨୨୫୨	ବାହାଲ		୦.୨୫୦	୦.୨୫୦
୧୨		୨୨୫୫	ବାହାଲ		୦.୫୫୦	୦.୨୫୦
୧୩		୨୨୨୫	ମାଲ		୦.୨୫୦	୦.୨୫୦
୧୪	୫୫	୫୦୮	ଆଟ	ଜାଦେଷ୍ଣର ମାଝୀ, ପିଃ ମର୍ଦ୍ଦଜ ମାଝୀ, ଜାଃ ଗଣ୍ଡ, ବାଃ ନିଜର୍ଗା	୦.୨୫୦	୦.୦୨୦
୧୫	୩୬୨	୮୮	ଘରବାରି	ଲକ୍ଷ୍ମୀଧର ଗଉଡ଼, ପିଃ କଡମ ଗଉଡ଼, ଜାଃ ଗଉଡ଼, ବାଃ ନିଜର୍ଗା	୦.୨୫୦	୦.୦୩୫
୧୬	୨୫୨	୫୩୫	ମାଲ	ଟୋଟି ଟିଂଙ୍ଗ ଖମାରି, ପିଃ ପଦ୍ମମନ ଖମାରି, ଅରିକା ଖମାରି, ସ୍ୱାଃ ପଦ୍ମମନ ଖମାରି, ଜାଃ ଗଣ୍ଡ, ବାଃ ନିଜର୍ଗା	୦.୫୫୦	୦.୨୫୦
୧୭		୨୨୨୬	ମାଲ		୦.୨୫୦	୦.୩୫୦
୧୮		୨୨୫୧	ଆଟ		୦.୨୨୦	୦.୦୫୦
୧୯	୨୫	୮୯	ଆଟ	ପଦ୍ମମ କାଣ୍ଡ, ପିଃ ଲେଇ ଛାଲି କାଣ୍ଡ, ଜାଃ ଗଣ୍ଡ, ବାଃ ନିଜର୍ଗା, ପ୍ରଧା- ଡାଙ୍ଗ ଅଦାରିର୍ଗା	୦.୩୫୦	୦.୦୨୫
୨୦		୮୭	ଘରବାରି		୦.୨୫୦	୦.୦୨୦
୨୧	୫୨	୨୨୩୫	ବାହାଲ	ଡ଼ିଙ୍ଗରା ଚିତ୍ତାଦ ଖମାରି, ପିଃ ଛୋଟି ଯୋଗୀ, ଗଜାପତି ଯୋଗୀ, ପିଃ ପୁରୁଷୋତ୍ତମ ଯୋଗୀ, ଦେହୁଲ ଯୋଗୀ, ସ୍ୱାଃ ପୁରୁଷୋତ୍ତମ ଯୋଗୀ, ରସଲ ଯୋଗୀ, ଲଷ୍କାନାଥ ଯୋଗୀ, ଦୁକୁଜ୍ଞାନ ଯୋଗୀ, ସୁଦେବ ଯୋଗୀ, ପରମାନି ଯୋଗୀ, ପିଃ ବଗଭୁ ଯୋଗୀ, ଲକ୍ଷ୍ମୀଧର ଯୋଗୀ, ଦୁର୍ଜନ ଯୋଗୀ, ପିଃ ଟେମନାଥ ଯୋଗୀ, ଜାଃ ଗଣ୍ଡ, ବାଃ ନିଜର୍ଗା	୦.୦୨୦	୦.୦୨୦
୨୨	୨୨୨	୫୩୨	ଆଟ	ଦୁର୍ଗାବିନ ଖମାରି, ପିଃ ପଦିନ୍ଦ୍ର ଖମାରି, ଜାଃ ଗଣ୍ଡ, ବାଃ ନିଜର୍ଗା, ପ୍ରଧା- ଜାନୁକାନ୍ତା	୦.୦୫୦	୦.୦୫୦
୨୩	୩୨୨	୨୨୨୨	ମାଲ	ଲକ୍ଷଧର ମାଝୀ, ପିଃ ସନମନ ଯୋଗୀ, ଜାଃ ଗଣ୍ଡ, ବାଃ ନିଜର୍ଗା	୦.୨୫୦	୦.୨୫୦
୨୪		୨୨୨୩	ମାଲ		୦.୩୫୦	୦.୨୫୦
୨୫	୨୨୫	୫୫୫	ବାହାଲ	ମଗ ମିଂଙ୍ଗ ମାଝୀ, ପିଃ ଦୁର୍ଗାରାମ ମାଝୀ, ଜାଃ ଗଣ୍ଡ, ବାଃ ନିଜର୍ଗା	୦.୨୫୦	୦.୧୯୨
୨୬	୨୫	୨୮	ଆଟ	ପ୍ରେମ ନିଆଲ, ପିଃ ଦେହ କାଣ୍ଡ, ମନକି କାଣ୍ଡ, ସ୍ୱାଃ ଦେହ କାଣ୍ଡ, ଜାଃ ଗଣ୍ଡ, ବାଃ ନିଜର୍ଗା, ପ୍ରଧା- ଜାନୁକାନ୍ତା	୦.୨୦	୦.୨୨୬
୨୭		୨୨୦	ଆଟ		୦.୫୨୦	୦.୨୨୦
୨୮		୨୮	ଆଟ		୨.୨୦୦	୦.୫୫୩
SEE NEXT
